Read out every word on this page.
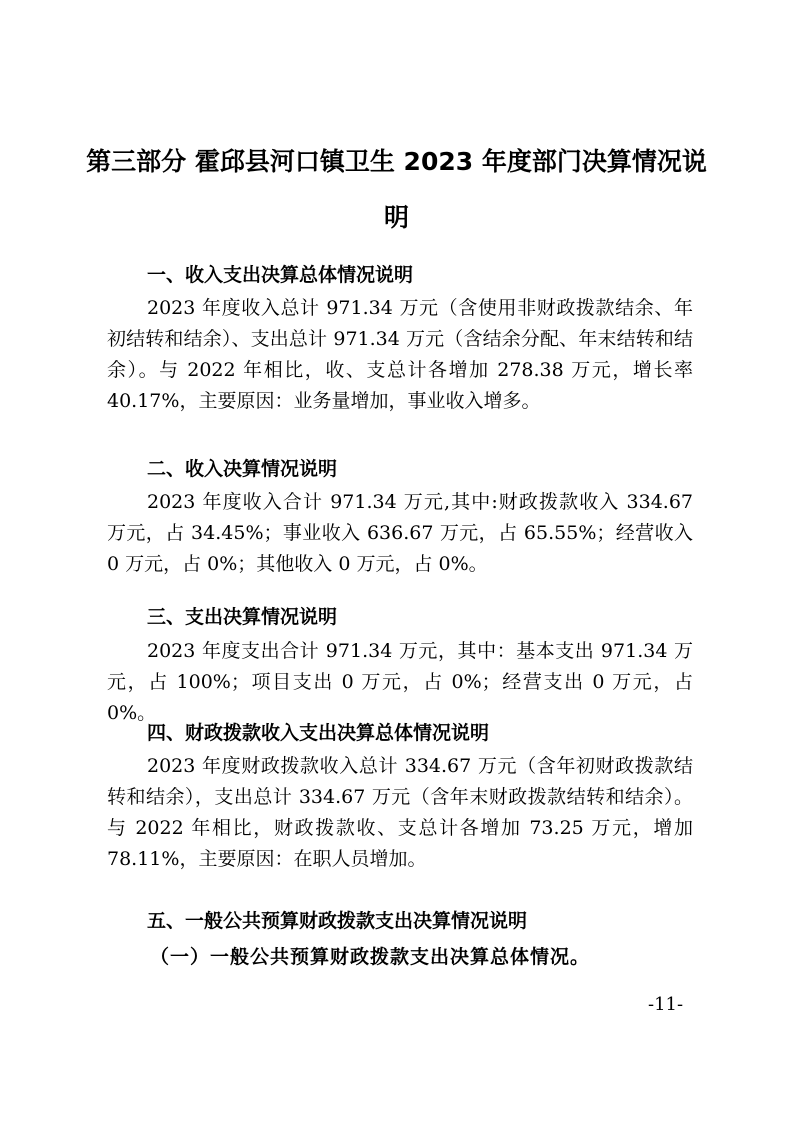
第三部分 霍邱县河口镇卫生 2023 年度部门决算情况说
明
一、收入支出决算总体情况说明
2023 年度收入总计 971.34 万元（含使用非财政拨款结余、年初结转和结余）、支出总计 971.34 万元（含结余分配、年末结转和结余）。与 2022 年相比，收、支总计各增加 278.38 万元，增长率 40.17%，主要原因：业务量增加，事业收入增多。
二、收入决算情况说明
2023 年度收入合计 971.34 万元,其中:财政拨款收入 334.67 万元，占 34.45%；事业收入 636.67 万元，占 65.55%；经营收入 0 万元，占 0%；其他收入 0 万元，占 0%。
三、支出决算情况说明
2023 年度支出合计 971.34 万元，其中：基本支出 971.34 万元，占 100%；项目支出 0 万元，占 0%；经营支出 0 万元，占 0%。
四、财政拨款收入支出决算总体情况说明
2023 年度财政拨款收入总计 334.67 万元（含年初财政拨款结转和结余），支出总计 334.67 万元（含年末财政拨款结转和结余）。与 2022 年相比，财政拨款收、支总计各增加 73.25 万元，增加 78.11%，主要原因：在职人员增加。
五、一般公共预算财政拨款支出决算情况说明
（一）一般公共预算财政拨款支出决算总体情况。
-11-
